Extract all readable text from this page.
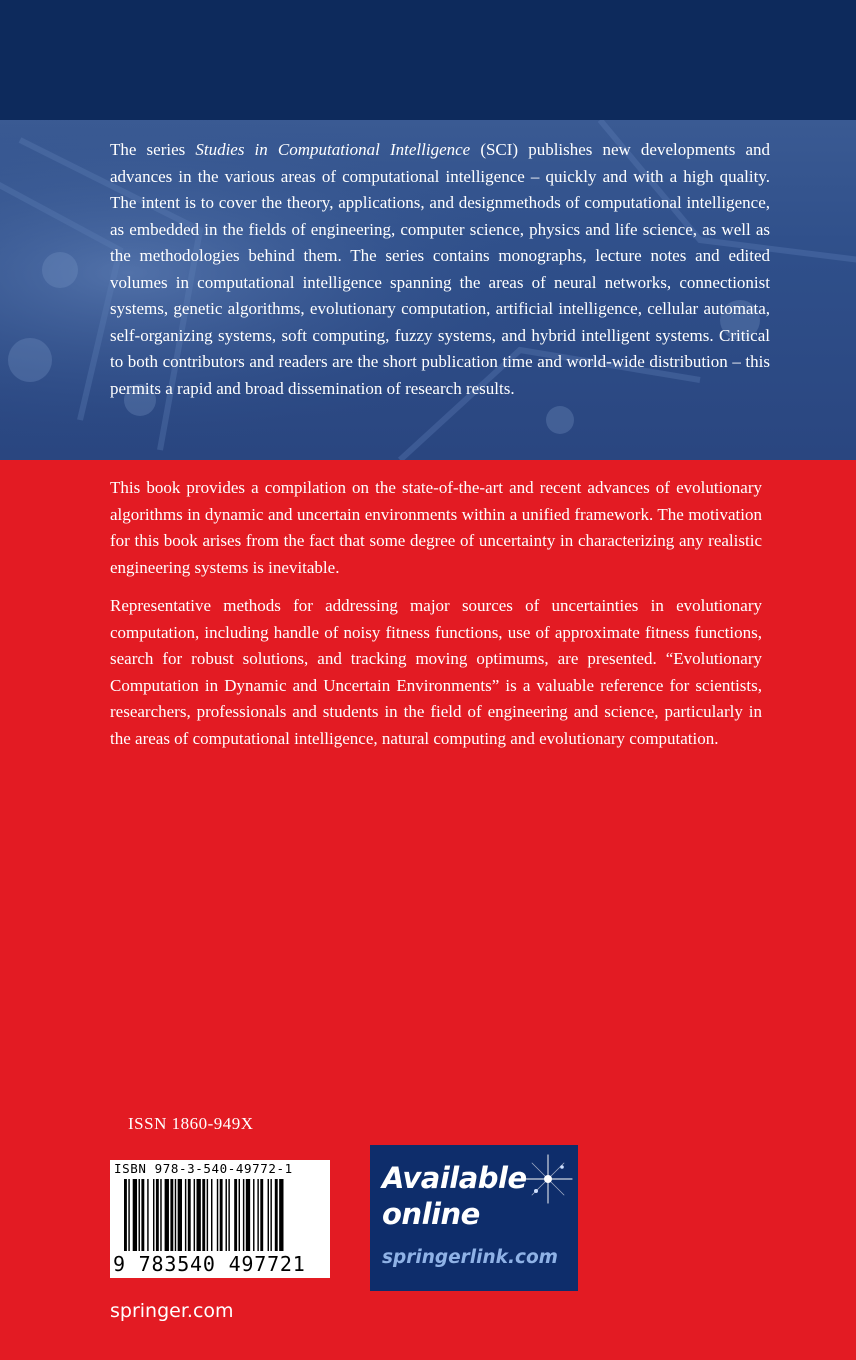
The series Studies in Computational Intelligence (SCI) publishes new developments and advances in the various areas of computational intelligence – quickly and with a high quality. The intent is to cover the theory, applications, and designmethods of computational intelligence, as embedded in the fields of engineering, computer science, physics and life science, as well as the methodologies behind them. The series contains monographs, lecture notes and edited volumes in computational intelligence spanning the areas of neural networks, connectionist systems, genetic algorithms, evolutionary computation, artificial intelligence, cellular automata, self-organizing systems, soft computing, fuzzy systems, and hybrid intelligent systems. Critical to both contributors and readers are the short publication time and world-wide distribution – this permits a rapid and broad dissemination of research results.

This book provides a compilation on the state-of-the-art and recent advances of evolutionary algorithms in dynamic and uncertain environments within a unified framework. The motivation for this book arises from the fact that some degree of uncertainty in characterizing any realistic engineering systems is inevitable.

Representative methods for addressing major sources of uncertainties in evolutionary computation, including handle of noisy fitness functions, use of approximate fitness functions, search for robust solutions, and tracking moving optimums, are presented. “Evolutionary Computation in Dynamic and Uncertain Environments” is a valuable reference for scientists, researchers, professionals and students in the field of engineering and science, particularly in the areas of computational intelligence, natural computing and evolutionary computation.

ISSN 1860-949X

ISBN 978-3-540-49772-1
9 783540 497721
Available
online
springerlink.com

springer.com
